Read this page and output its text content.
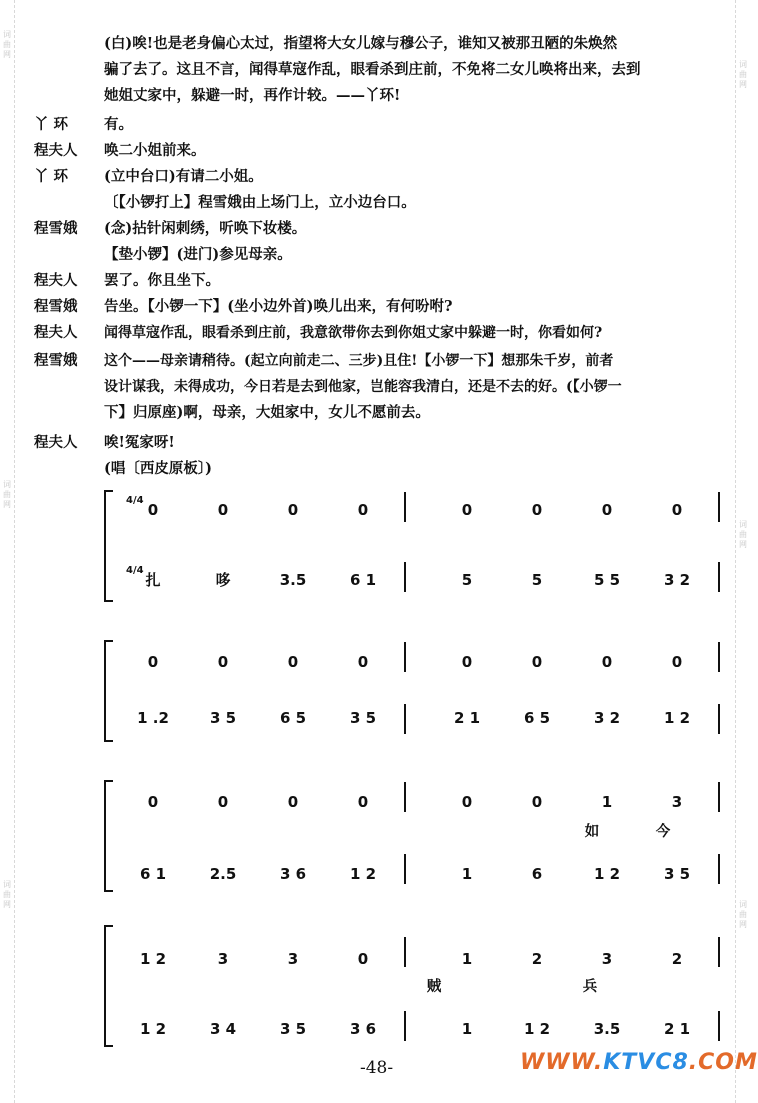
词
曲
网
词
曲
网
词
曲
网
词
曲
网
词
曲
网
词
曲
网
(白)唉!也是老身偏心太过，指望将大女儿嫁与穆公子，谁知又被那丑陋的朱焕然
骗了去了。这且不言，闻得草寇作乱，眼看杀到庄前，不免将二女儿唤将出来，去到
她姐丈家中，躲避一时，再作计较。——丫环!
丫 环 有。
程夫人 唤二小姐前来。
丫 环 (立中台口)有请二小姐。
〔【小锣打上】程雪娥由上场门上，立小边台口。
程雪娥 (念)拈针闲刺绣，听唤下妆楼。
【垫小锣】(进门)参见母亲。
程夫人 罢了。你且坐下。
程雪娥 告坐。【小锣一下】(坐小边外首)唤儿出来，有何吩咐?
程夫人 闻得草寇作乱，眼看杀到庄前，我意欲带你去到你姐丈家中躲避一时，你看如何?
程雪娥 这个——母亲请稍待。(起立向前走二、三步)且住!【小锣一下】想那朱千岁，前者
设计谋我，未得成功，今日若是去到他家，岂能容我清白，还是不去的好。(【小锣一
下】归原座)啊，母亲，大姐家中，女儿不愿前去。
程夫人 唉!冤家呀!
(唱〔西皮原板〕)
4/4
4/4
0	0	0	0	0	0	0	0
扎	哆	3.5	6 1	5	5	5 5	3 2
0	0	0	0	0	0	0	0
1 .2	3 5	6 5	3 5	2 1	6 5	3 2	1 2
0	0	0	0	0	0	1	3
如	今
6 1	2.5	3 6	1 2	1	6	1 2	3 5
1 2	3	3	0	1	2	3	2
贼	兵
1 2	3 4	3 5	3 6	1	1 2	3.5	2 1
-48-	WWW.KTVC8.COM
